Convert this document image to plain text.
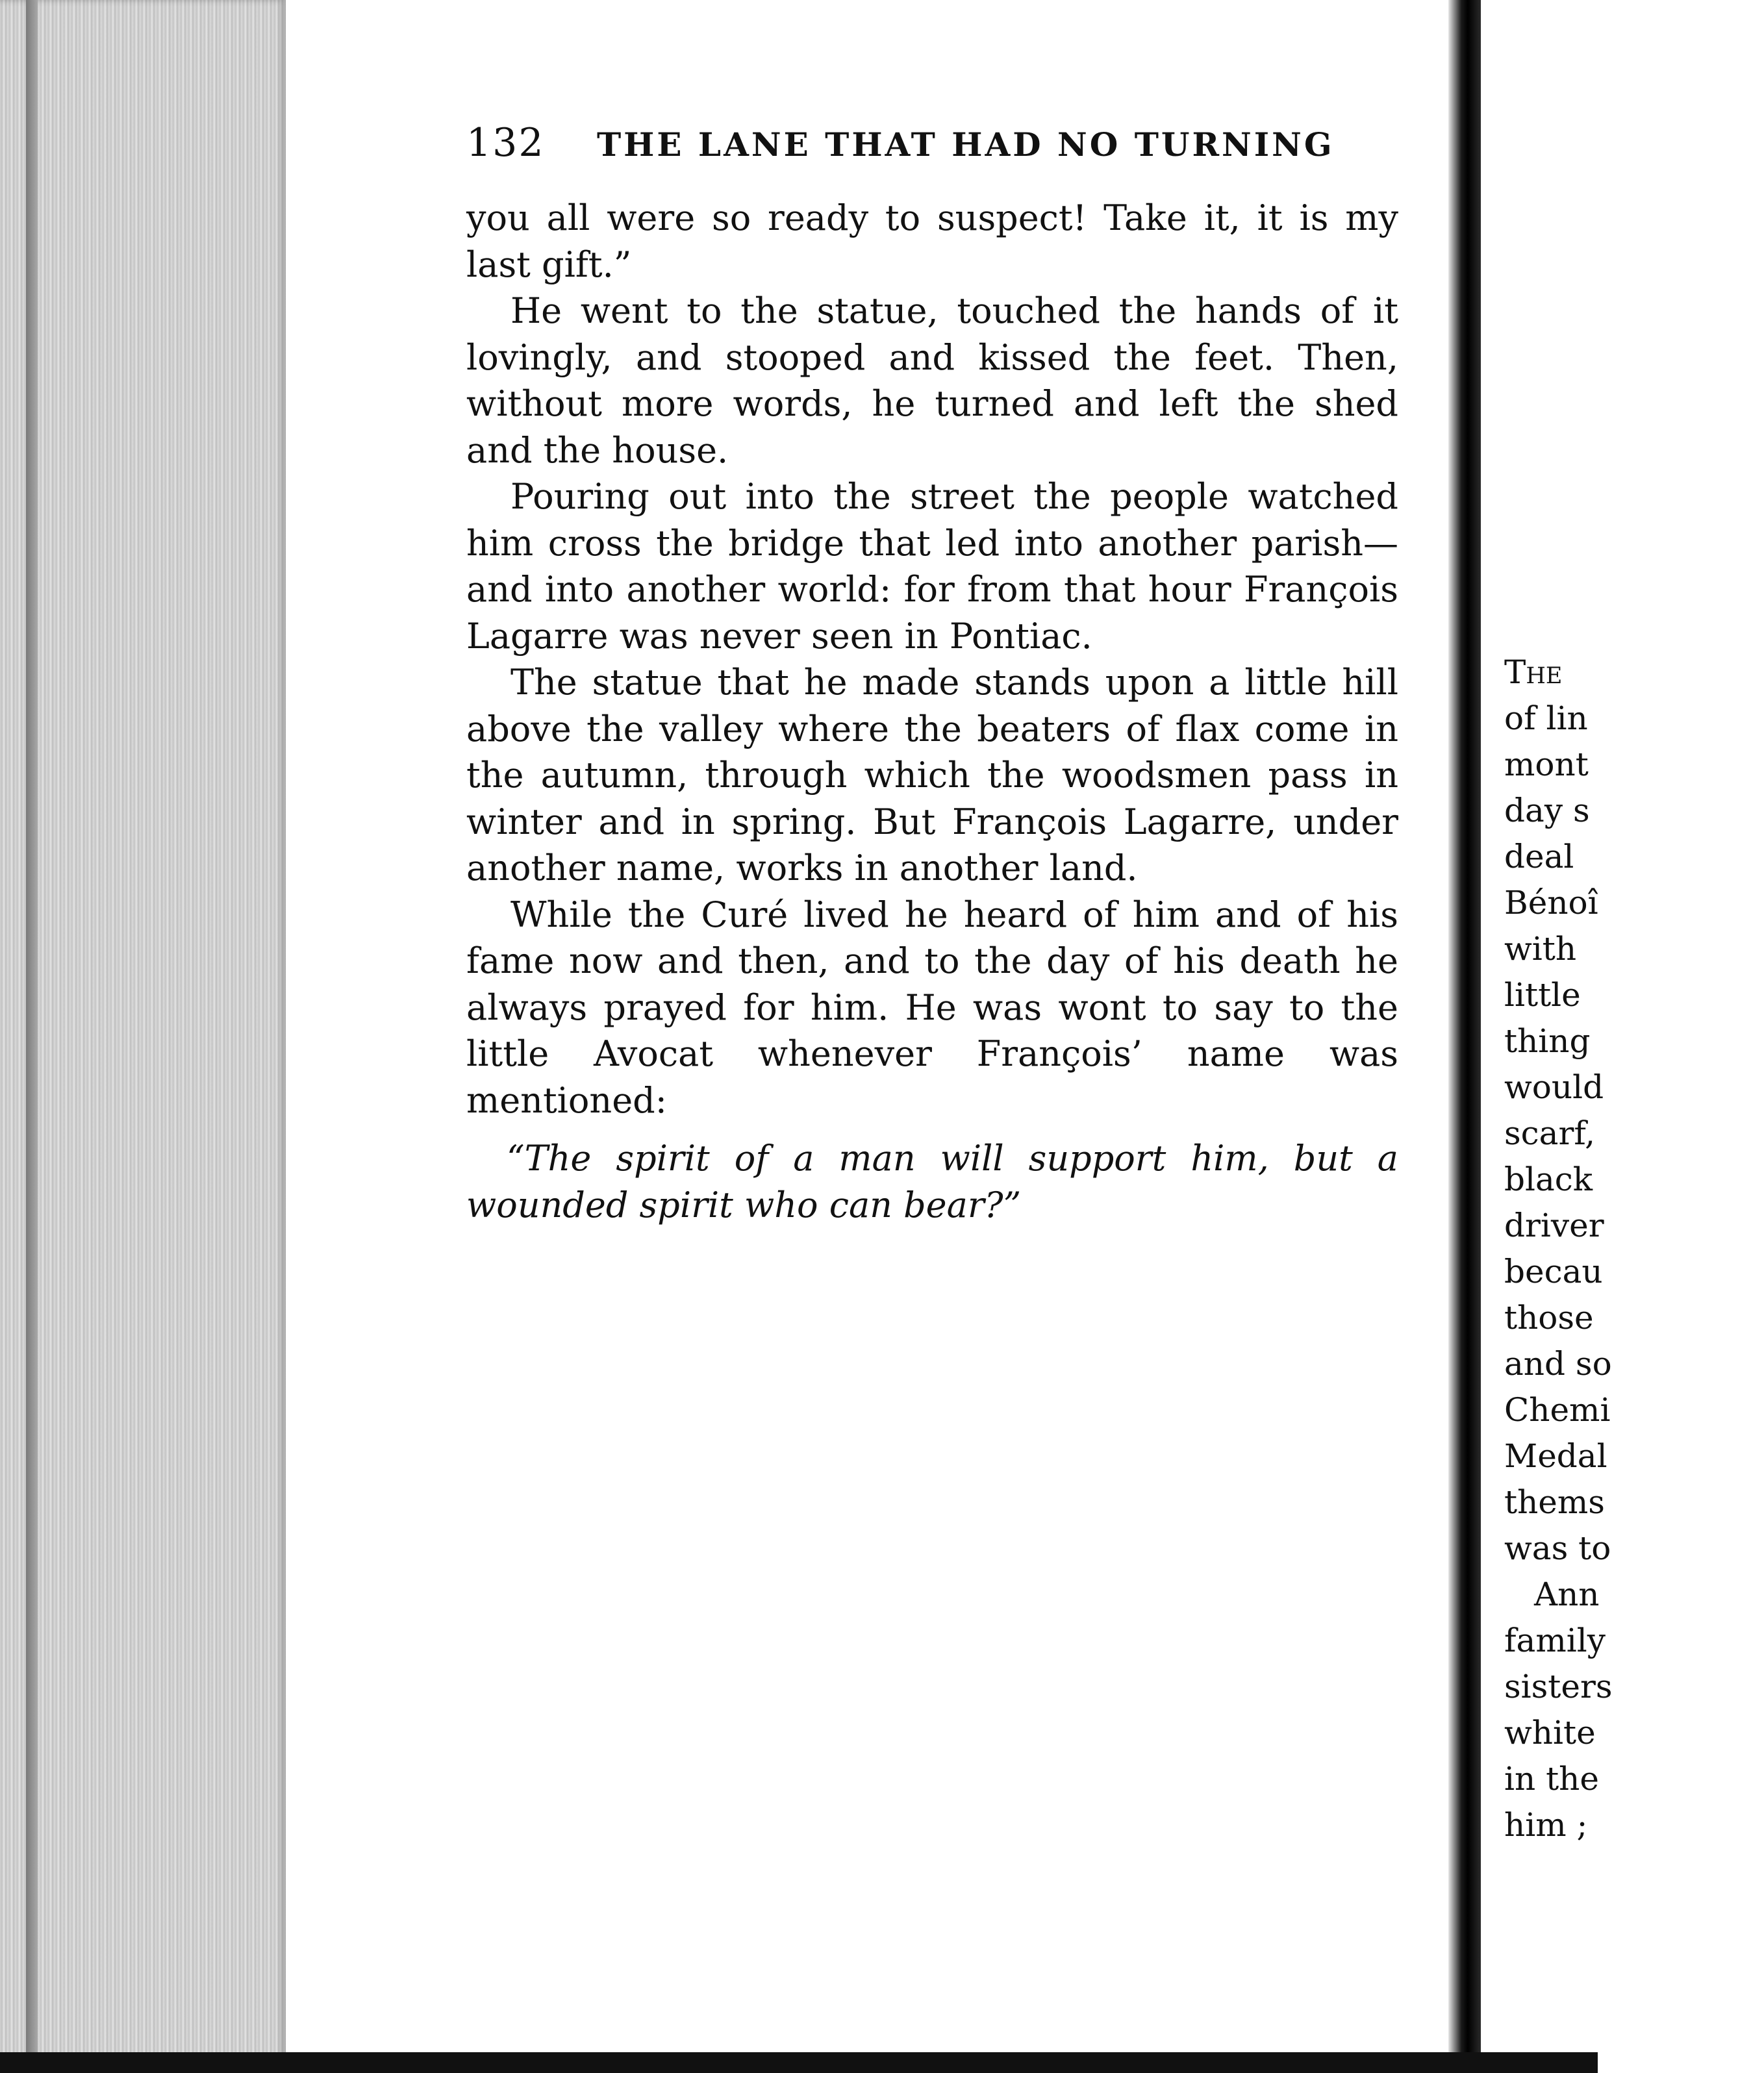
132 THE LANE THAT HAD NO TURNING

you all were so ready to suspect! Take it, it is my last gift.”

He went to the statue, touched the hands of it lovingly, and stooped and kissed the feet. Then, without more words, he turned and left the shed and the house.

Pouring out into the street the people watched him cross the bridge that led into another parish—and into another world: for from that hour François Lagarre was never seen in Pontiac.

The statue that he made stands upon a little hill above the valley where the beaters of flax come in the autumn, through which the woodsmen pass in winter and in spring. But François Lagarre, under another name, works in another land.

While the Curé lived he heard of him and of his fame now and then, and to the day of his death he always prayed for him. He was wont to say to the little Avocat whenever François’ name was mentioned:

“The spirit of a man will support him, but a wounded spirit who can bear?”

The
of lin
mont
day s
deal
Bénoî
with
little
thing
would
scarf,
black
driver
becau
those
and so
Chemi
Medal
thems
was to
Ann
family
sisters
white
in the
him ;
